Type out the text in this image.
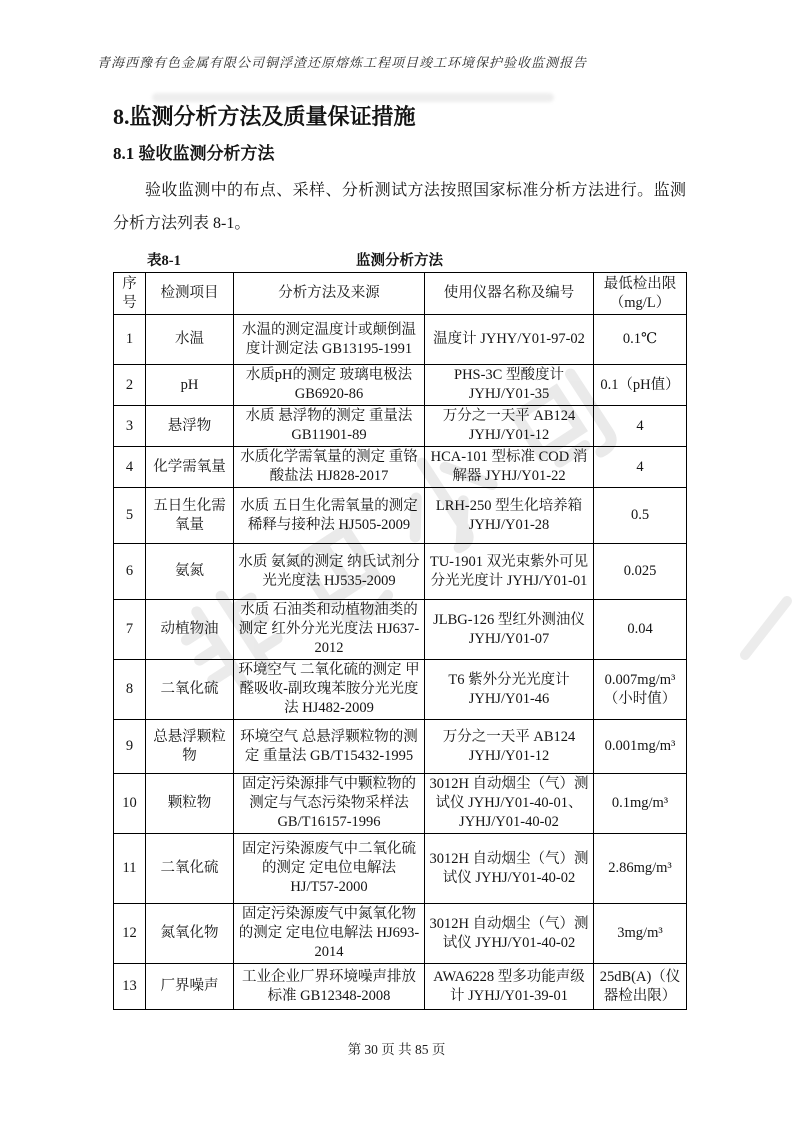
青海西豫有色金属有限公司铜浮渣还原熔炼工程项目竣工环境保护验收监测报告
8.监测分析方法及质量保证措施
8.1 验收监测分析方法

验收监测中的布点、采样、分析测试方法按照国家标准分析方法进行。监测分析方法列表 8-1。

表8-1	监测分析方法
序号	检测项目	分析方法及来源	使用仪器名称及编号	最低检出限（mg/L）
1	水温	水温的测定温度计或颠倒温度计测定法 GB13195-1991	温度计 JYHY/Y01-97-02	0.1℃
2	pH	水质pH的测定 玻璃电极法 GB6920-86	PHS-3C 型酸度计 JYHJ/Y01-35	0.1（pH值）
3	悬浮物	水质 悬浮物的测定 重量法 GB11901-89	万分之一天平 AB124 JYHJ/Y01-12	4
4	化学需氧量	水质化学需氧量的测定 重铬酸盐法 HJ828-2017	HCA-101 型标准 COD 消解器 JYHJ/Y01-22	4
5	五日生化需氧量	水质 五日生化需氧量的测定 稀释与接种法 HJ505-2009	LRH-250 型生化培养箱 JYHJ/Y01-28	0.5
6	氨氮	水质 氨氮的测定 纳氏试剂分光光度法 HJ535-2009	TU-1901 双光束紫外可见分光光度计 JYHJ/Y01-01	0.025
7	动植物油	水质 石油类和动植物油类的测定 红外分光光度法 HJ637-2012	JLBG-126 型红外测油仪 JYHJ/Y01-07	0.04
8	二氧化硫	环境空气 二氧化硫的测定 甲醛吸收-副玫瑰苯胺分光光度法 HJ482-2009	T6 紫外分光光度计 JYHJ/Y01-46	0.007mg/m³（小时值）
9	总悬浮颗粒物	环境空气 总悬浮颗粒物的测定 重量法 GB/T15432-1995	万分之一天平 AB124 JYHJ/Y01-12	0.001mg/m³
10	颗粒物	固定污染源排气中颗粒物的测定与气态污染物采样法 GB/T16157-1996	3012H 自动烟尘（气）测试仪 JYHJ/Y01-40-01、JYHJ/Y01-40-02	0.1mg/m³
11	二氧化硫	固定污染源废气中二氧化硫的测定 定电位电解法 HJ/T57-2000	3012H 自动烟尘（气）测试仪 JYHJ/Y01-40-02	2.86mg/m³
12	氮氧化物	固定污染源废气中氮氧化物的测定 定电位电解法 HJ693-2014	3012H 自动烟尘（气）测试仪 JYHJ/Y01-40-02	3mg/m³
13	厂界噪声	工业企业厂界环境噪声排放标准 GB12348-2008	AWA6228 型多功能声级计 JYHJ/Y01-39-01	25dB(A)（仪器检出限）
第 30 页 共 85 页
